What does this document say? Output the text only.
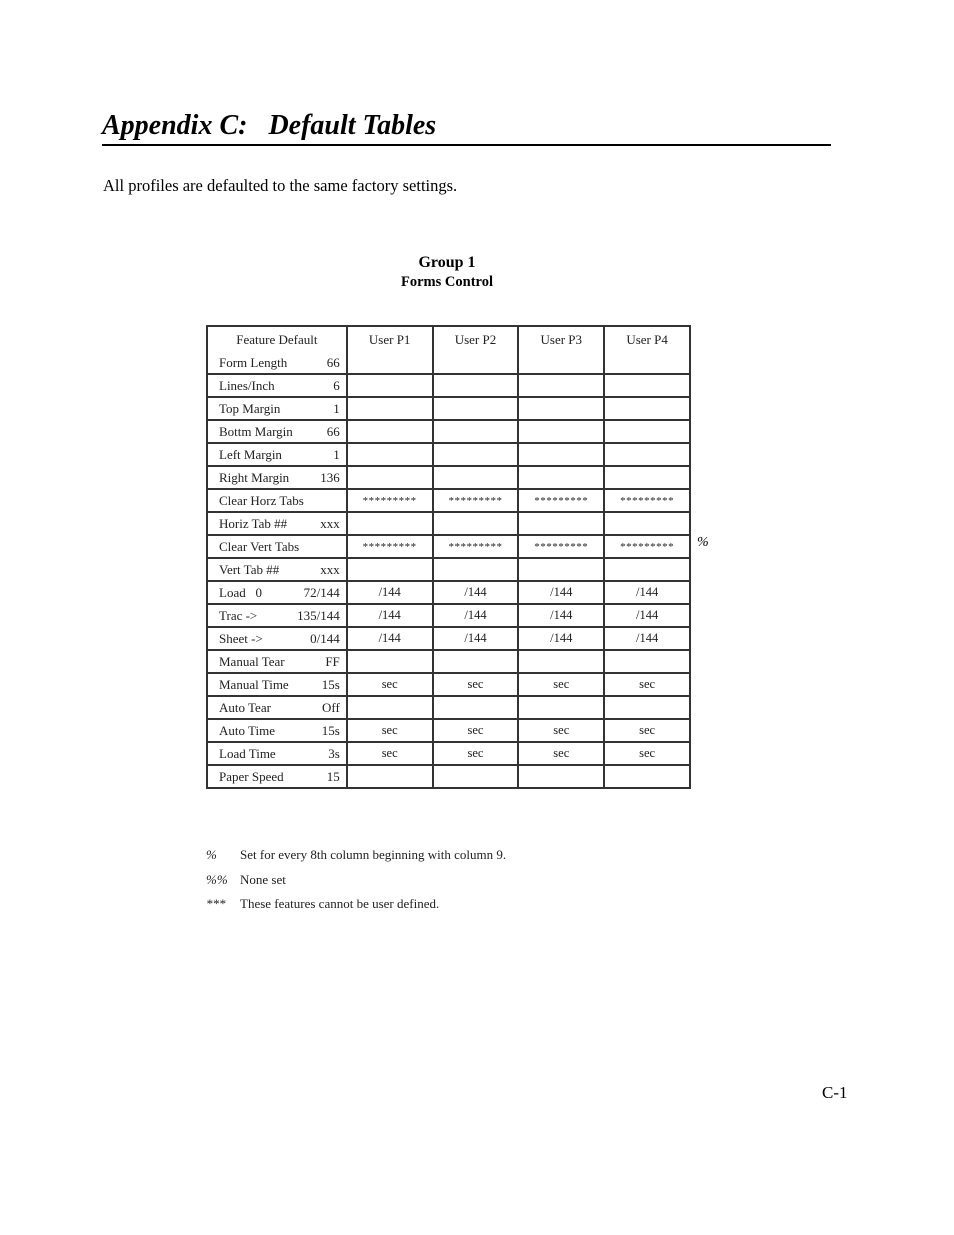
Appendix C:   Default Tables
All profiles are defaulted to the same factory settings.
Group 1
Forms Control
Feature Default	User P1	User P2	User P3	User P4

Form Length 66				

Lines/Inch 6				

Top Margin 1				

Bottm Margin 66				

Left Margin 1				

Right Margin 136				

Clear Horz Tabs	*********	*********	*********	*********

Horiz Tab ## xxx				

Clear Vert Tabs	*********	*********	*********	*********

Vert Tab ## xxx				

Load   0 72/144	/144	/144	/144	/144

Trac -> 135/144	/144	/144	/144	/144

Sheet -> 0/144	/144	/144	/144	/144

Manual Tear FF				

Manual Time 15s	sec	sec	sec	sec

Auto Tear Off				

Auto Time 15s	sec	sec	sec	sec

Load Time 3s	sec	sec	sec	sec

Paper Speed 15				

%
%	Set for every 8th column beginning with column 9.
%% None set
***	These features cannot be user defined.
C-1
